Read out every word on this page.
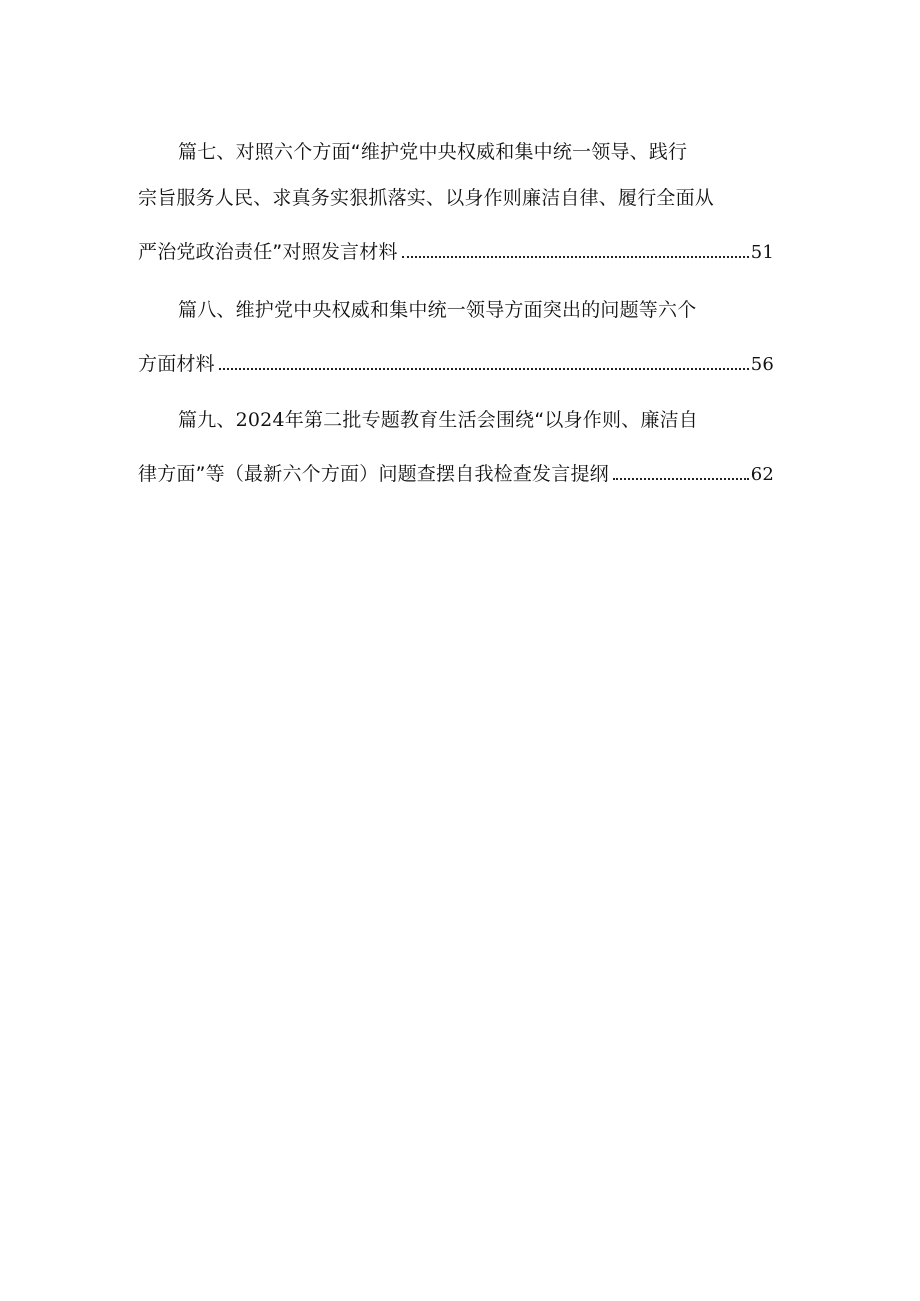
篇七、对照六个方面“维护党中央权威和集中统一领导、践行
宗旨服务人民、求真务实狠抓落实、以身作则廉洁自律、履行全面从
严治党政治责任”对照发言材料	51
篇八、维护党中央权威和集中统一领导方面突出的问题等六个
方面材料	56
篇九、2024年第二批专题教育生活会围绕“以身作则、廉洁自
律方面”等（最新六个方面）问题查摆自我检查发言提纲	62
